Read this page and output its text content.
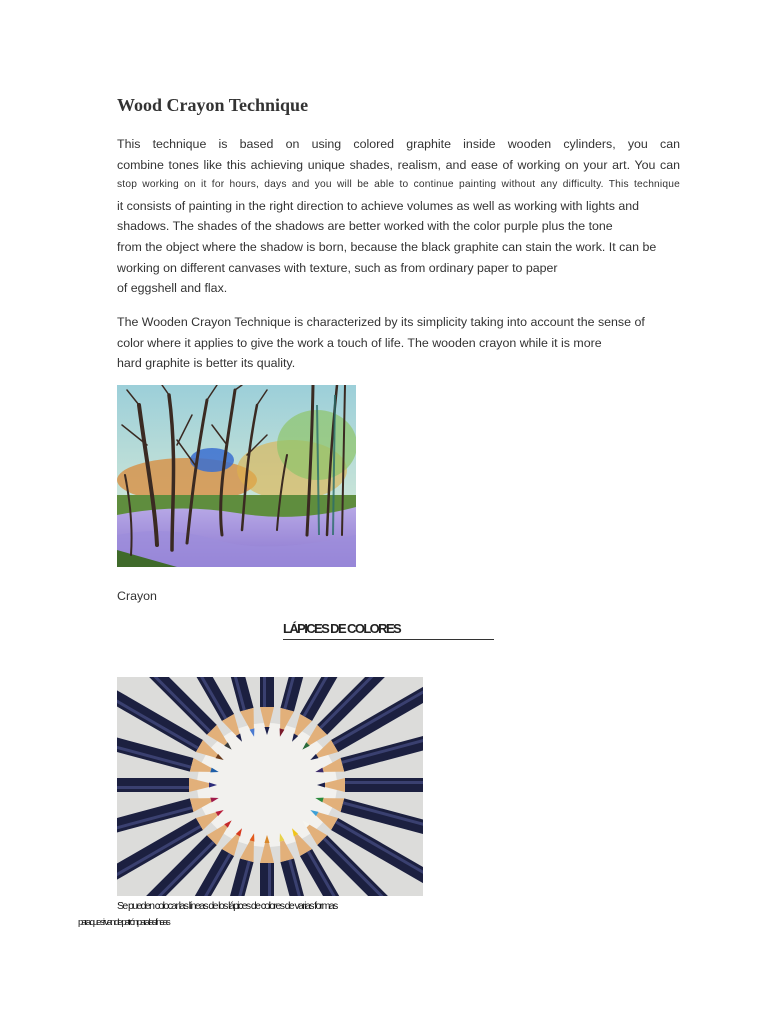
Wood Crayon Technique
This technique is based on using colored graphite inside wooden cylinders, you can
combine tones like this achieving unique shades, realism, and ease of working on your art. You can
stop working on it for hours, days and you will be able to continue painting without any difficulty. This technique
it consists of painting in the right direction to achieve volumes as well as working with lights and
shadows. The shades of the shadows are better worked with the color purple plus the tone
from the object where the shadow is born, because the black graphite can stain the work. It can be
working on different canvases with texture, such as from ordinary paper to paper
of eggshell and flax.
The Wooden Crayon Technique is characterized by its simplicity taking into account the sense of
color where it applies to give the work a touch of life. The wooden crayon while it is more
hard graphite is better its quality.

Crayon

LÁPICES DE COLORES

Se pueden colocar las líneas de los lápices de colores de varias formas

para que sirvan de patrón para las líneas
